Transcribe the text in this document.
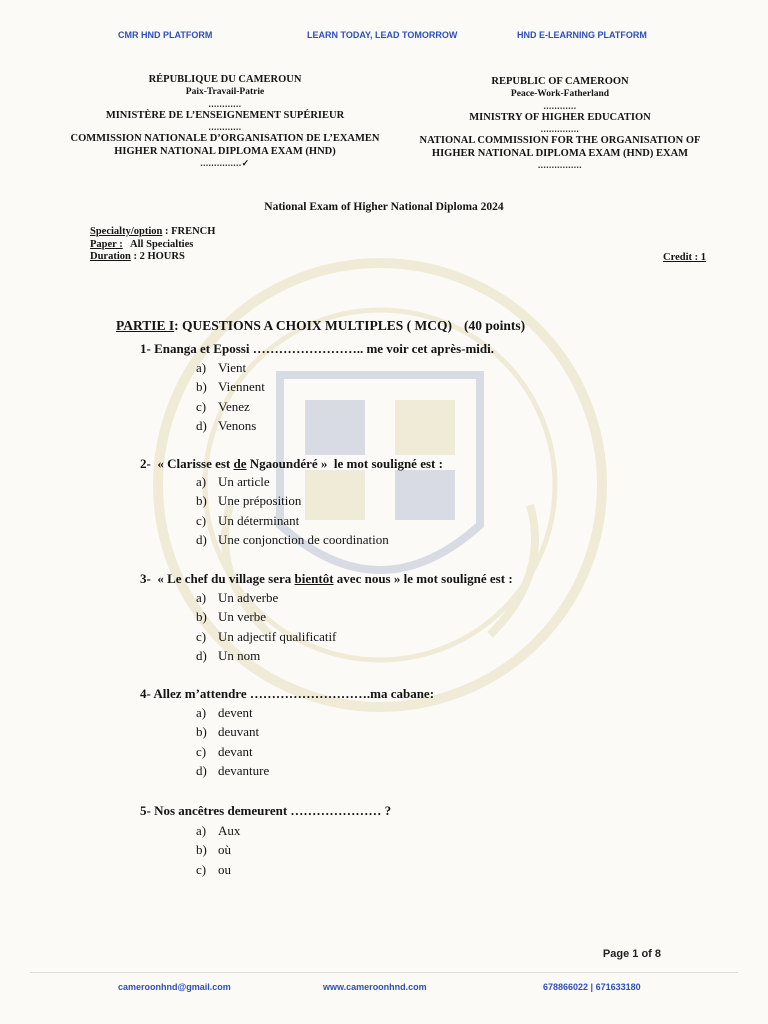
CMR HND PLATFORM	LEARN TODAY, LEAD TOMORROW	HND E-LEARNING PLATFORM
RÉPUBLIQUE DU CAMEROUN
Paix-Travail-Patrie
............
MINISTÈRE DE L’ENSEIGNEMENT SUPÉRIEUR
............
COMMISSION NATIONALE D’ORGANISATION DE L’EXAMEN
HIGHER NATIONAL DIPLOMA EXAM (HND)
...............✓
REPUBLIC OF CAMEROON
Peace-Work-Fatherland
............
MINISTRY OF HIGHER EDUCATION
..............
NATIONAL COMMISSION FOR THE ORGANISATION OF
HIGHER NATIONAL DIPLOMA EXAM (HND) EXAM
................
National Exam of Higher National Diploma 2024
Specialty/option : FRENCH
Paper :   All Specialties
Duration : 2 HOURS	Credit : 1
PARTIE I: QUESTIONS A CHOIX MULTIPLES ( MCQ) (40 points)
1- Enanga et Epossi …………………….. me voir cet après-midi.
a) Vient
b) Viennent
c) Venez
d) Venons
2-  « Clarisse est de Ngaoundéré »  le mot souligné est :
a) Un article
b) Une préposition
c) Un déterminant
d) Une conjonction de coordination
3-  « Le chef du village sera bientôt avec nous » le mot souligné est :
a) Un adverbe
b) Un verbe
c) Un adjectif qualificatif
d) Un nom
4- Allez m’attendre ……………………….ma cabane:
a) devent
b) deuvant
c) devant
d) devanture
5- Nos ancêtres demeurent ………………… ?
a) Aux
b) où
c) ou
Page 1 of 8
cameroonhnd@gmail.com	www.cameroonhnd.com	678866022 | 671633180
